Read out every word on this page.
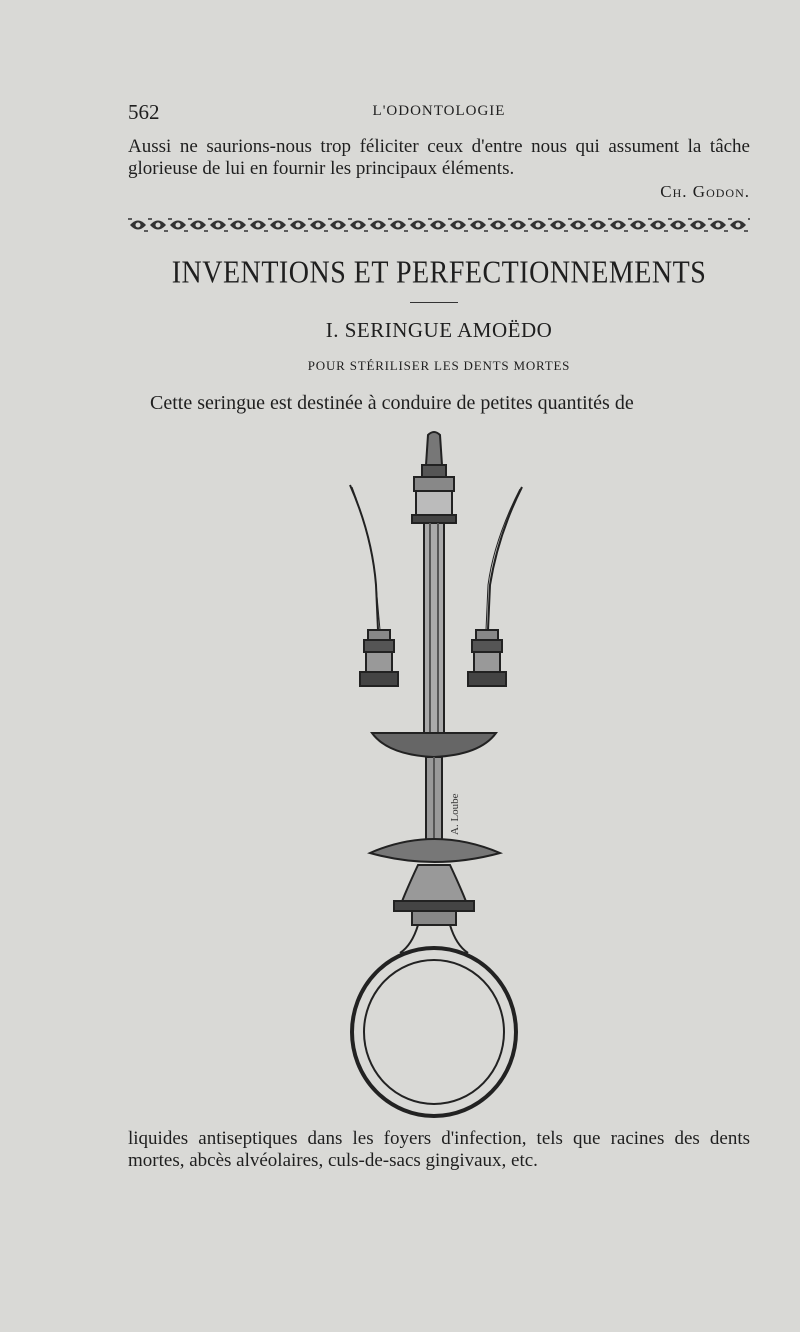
562	L'ODONTOLOGIE
Aussi ne saurions-nous trop féliciter ceux d'entre nous qui assument la tâche glorieuse de lui en fournir les principaux éléments.
Ch. Godon.
INVENTIONS ET PERFECTIONNEMENTS
I. SERINGUE AMOËDO
POUR STÉRILISER LES DENTS MORTES
Cette seringue est destinée à conduire de petites quantités de
A. Loube
liquides antiseptiques dans les foyers d'infection, tels que racines des dents mortes, abcès alvéolaires, culs-de-sacs gingivaux, etc.
